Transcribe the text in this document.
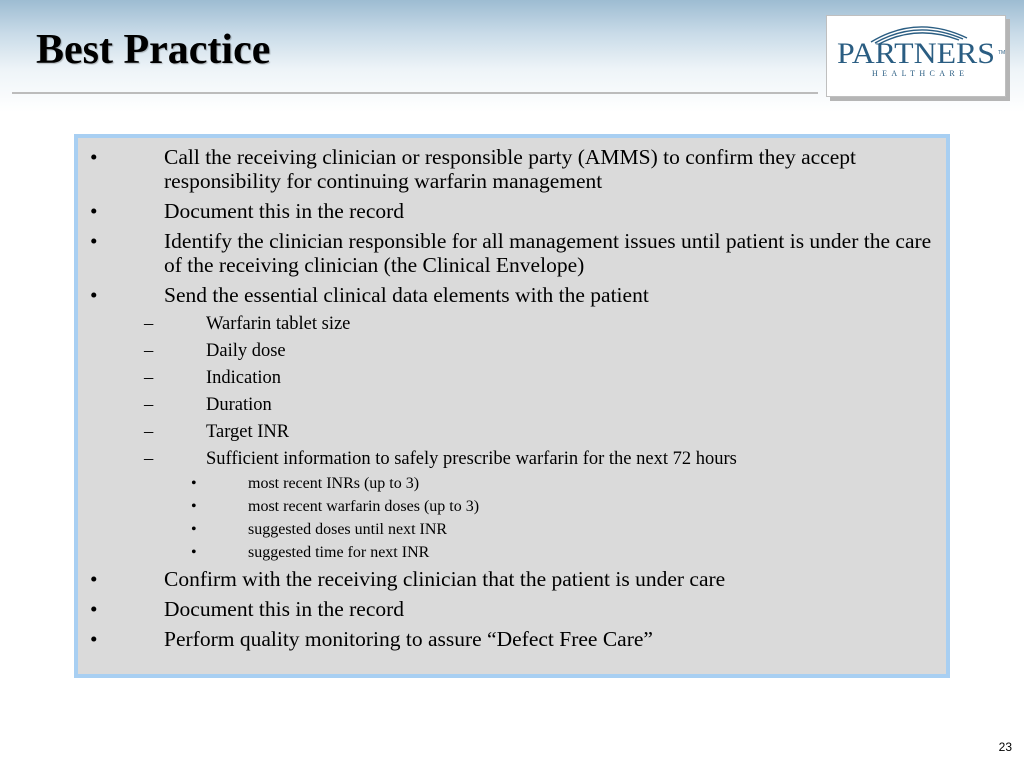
Best Practice	PARTNERS TM
HEALTHCARE
•	Call the receiving clinician or responsible party (AMMS) to confirm they accept responsibility for continuing warfarin management
•	Document this in the record
•	Identify the clinician responsible for all management issues until patient is under the care of the receiving clinician (the Clinical Envelope)
•	Send the essential clinical data elements with the patient
–	Warfarin tablet size
–	Daily dose
–	Indication
–	Duration
–	Target INR
–	Sufficient information to safely prescribe warfarin for the next 72 hours
•	most recent INRs (up to 3)
•	most recent warfarin doses (up to 3)
•	suggested doses until next INR
•	suggested time for next INR
•	Confirm with the receiving clinician that the patient is under care
•	Document this in the record
•	Perform quality monitoring to assure “Defect Free Care”
23
